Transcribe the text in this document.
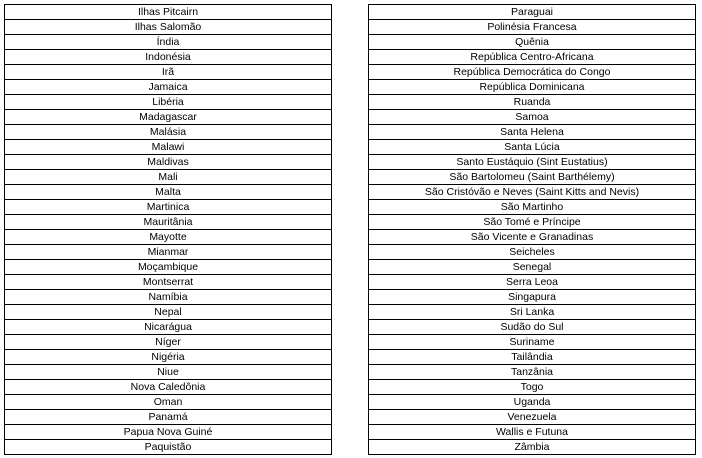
Ilhas Pitcairn
Ilhas Salomão
Índia
Indonésia
Irã
Jamaica
Libéria
Madagascar
Malásia
Malawi
Maldivas
Mali
Malta
Martinica
Mauritânia
Mayotte
Mianmar
Moçambique
Montserrat
Namíbia
Nepal
Nicarágua
Níger
Nigéria
Niue
Nova Caledônia
Oman
Panamá
Papua Nova Guiné
Paquistão
Paraguai
Polinésia Francesa
Quênia
República Centro-Africana
República Democrática do Congo
República Dominicana
Ruanda
Samoa
Santa Helena
Santa Lúcia
Santo Eustáquio (Sint Eustatius)
São Bartolomeu (Saint Barthélemy)
São Cristóvão e Neves (Saint Kitts and Nevis)
São Martinho
São Tomé e Príncipe
São Vicente e Granadinas
Seicheles
Senegal
Serra Leoa
Singapura
Sri Lanka
Sudão do Sul
Suriname
Tailândia
Tanzânia
Togo
Uganda
Venezuela
Wallis e Futuna
Zâmbia
